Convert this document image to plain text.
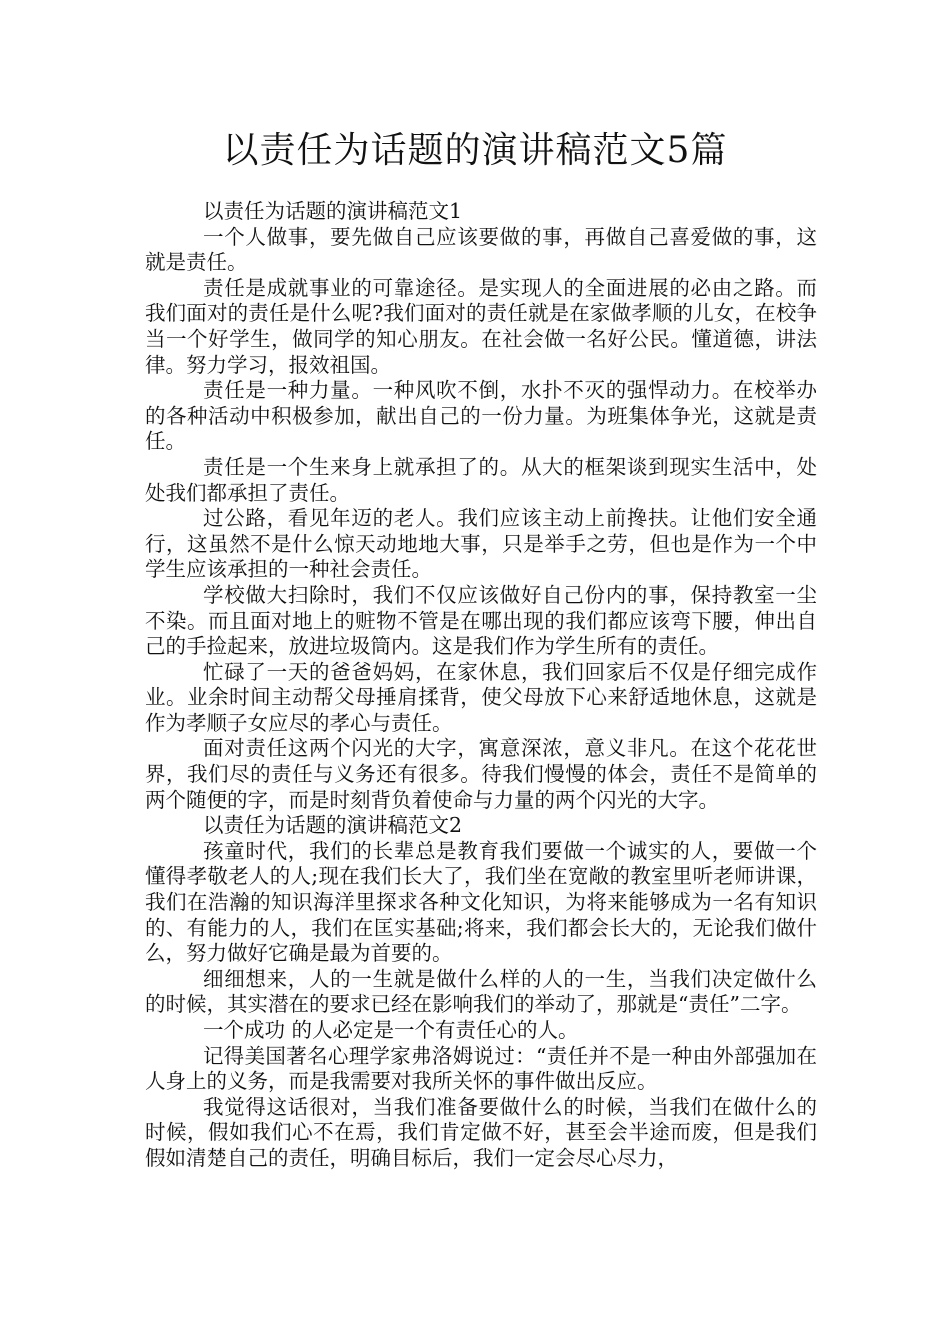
以责任为话题的演讲稿范文5篇

以责任为话题的演讲稿范文1

一个人做事，要先做自己应该要做的事，再做自己喜爱做的事，这就是责任。

责任是成就事业的可靠途径。是实现人的全面进展的必由之路。而我们面对的责任是什么呢?我们面对的责任就是在家做孝顺的儿女，在校争当一个好学生，做同学的知心朋友。在社会做一名好公民。懂道德，讲法律。努力学习，报效祖国。

责任是一种力量。一种风吹不倒，水扑不灭的强悍动力。在校举办的各种活动中积极参加，献出自己的一份力量。为班集体争光，这就是责任。

责任是一个生来身上就承担了的。从大的框架谈到现实生活中，处处我们都承担了责任。

过公路，看见年迈的老人。我们应该主动上前搀扶。让他们安全通行，这虽然不是什么惊天动地地大事，只是举手之劳，但也是作为一个中学生应该承担的一种社会责任。

学校做大扫除时，我们不仅应该做好自己份内的事，保持教室一尘不染。而且面对地上的赃物不管是在哪出现的我们都应该弯下腰，伸出自己的手捡起来，放进垃圾筒内。这是我们作为学生所有的责任。

忙碌了一天的爸爸妈妈，在家休息，我们回家后不仅是仔细完成作业。业余时间主动帮父母捶肩揉背，使父母放下心来舒适地休息，这就是作为孝顺子女应尽的孝心与责任。

面对责任这两个闪光的大字，寓意深浓，意义非凡。在这个花花世界，我们尽的责任与义务还有很多。待我们慢慢的体会，责任不是简单的两个随便的字，而是时刻背负着使命与力量的两个闪光的大字。

以责任为话题的演讲稿范文2

孩童时代，我们的长辈总是教育我们要做一个诚实的人，要做一个懂得孝敬老人的人;现在我们长大了，我们坐在宽敞的教室里听老师讲课，我们在浩瀚的知识海洋里探求各种文化知识，为将来能够成为一名有知识的、有能力的人，我们在匡实基础;将来，我们都会长大的，无论我们做什么，努力做好它确是最为首要的。

细细想来，人的一生就是做什么样的人的一生，当我们决定做什么的时候，其实潜在的要求已经在影响我们的举动了，那就是“责任”二字。

一个成功 的人必定是一个有责任心的人。

记得美国著名心理学家弗洛姆说过：“责任并不是一种由外部强加在人身上的义务，而是我需要对我所关怀的事件做出反应。

我觉得这话很对，当我们准备要做什么的时候，当我们在做什么的时候，假如我们心不在焉，我们肯定做不好，甚至会半途而废，但是我们假如清楚自己的责任，明确目标后，我们一定会尽心尽力，
